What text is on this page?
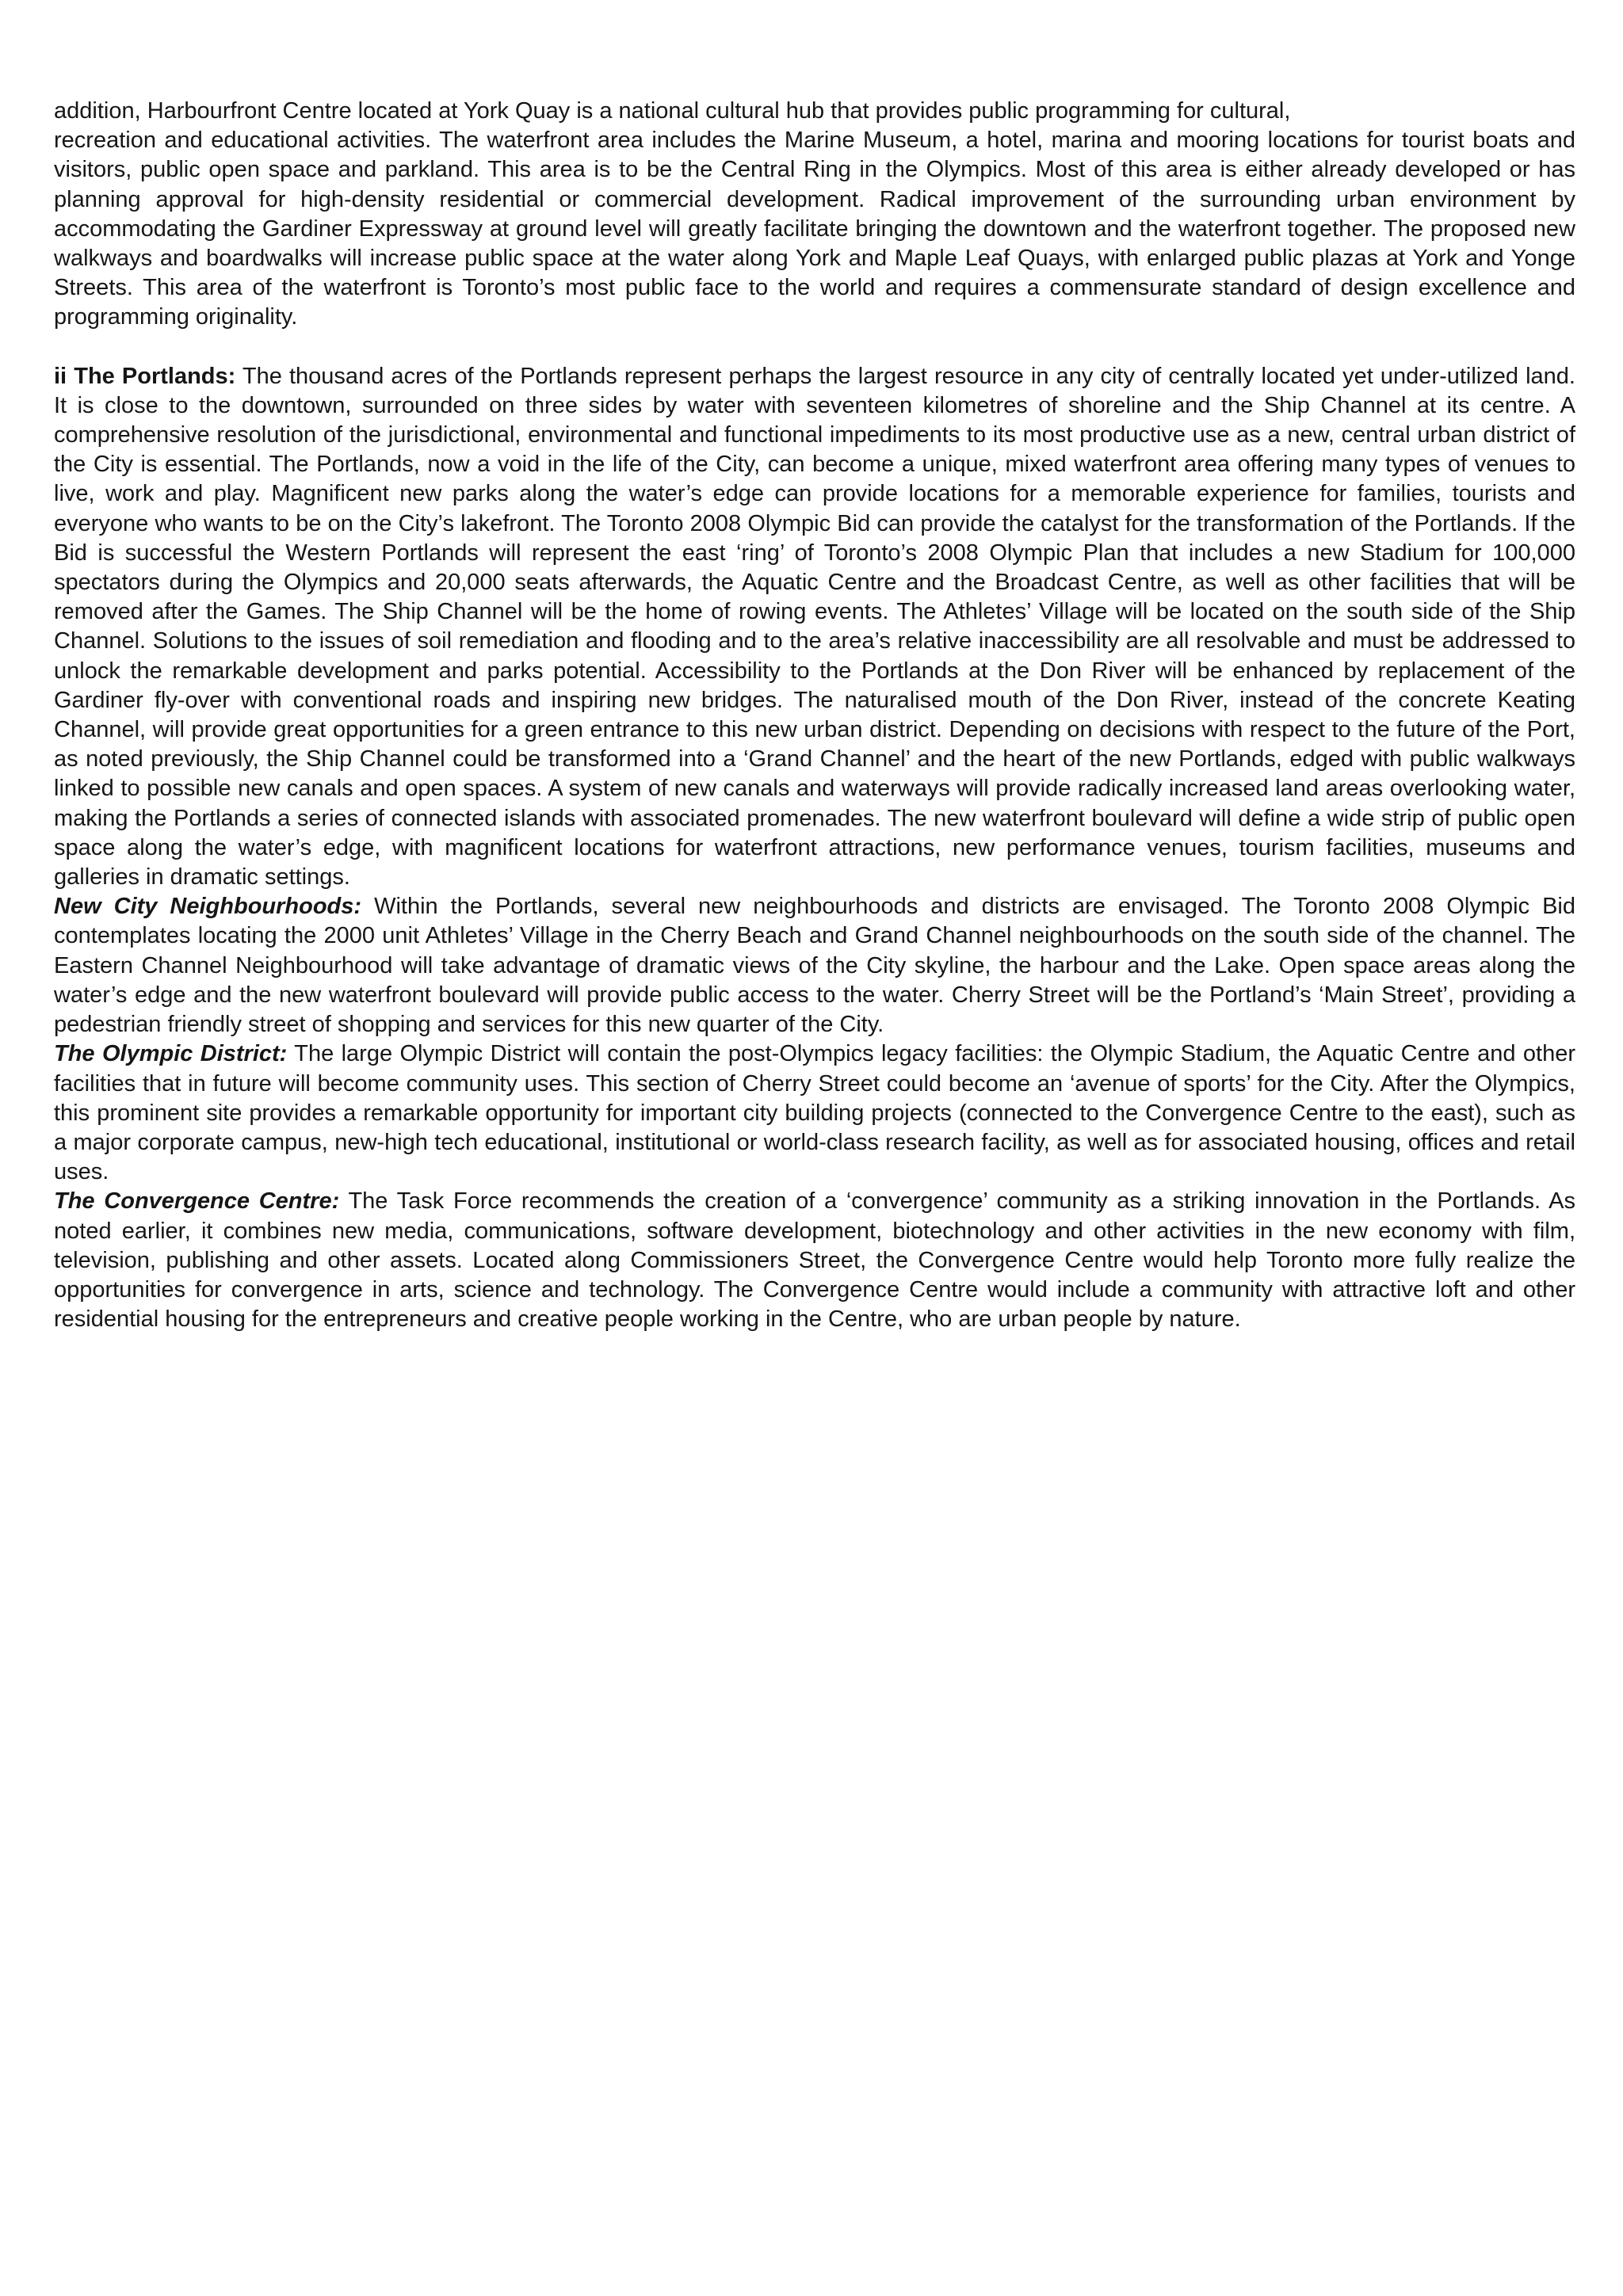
addition, Harbourfront Centre located at York Quay is a national cultural hub that provides public programming for cultural,

recreation and educational activities. The waterfront area includes the Marine Museum, a hotel, marina and mooring locations for tourist boats and visitors, public open space and parkland. This area is to be the Central Ring in the Olympics. Most of this area is either already developed or has planning approval for high-density residential or commercial development. Radical improvement of the surrounding urban environment by accommodating the Gardiner Expressway at ground level will greatly facilitate bringing the downtown and the waterfront together. The proposed new walkways and boardwalks will increase public space at the water along York and Maple Leaf Quays, with enlarged public plazas at York and Yonge Streets. This area of the waterfront is Toronto’s most public face to the world and requires a commensurate standard of design excellence and programming originality.

ii The Portlands: The thousand acres of the Portlands represent perhaps the largest resource in any city of centrally located yet under-utilized land. It is close to the downtown, surrounded on three sides by water with seventeen kilometres of shoreline and the Ship Channel at its centre. A comprehensive resolution of the jurisdictional, environmental and functional impediments to its most productive use as a new, central urban district of the City is essential. The Portlands, now a void in the life of the City, can become a unique, mixed waterfront area offering many types of venues to live, work and play. Magnificent new parks along the water’s edge can provide locations for a memorable experience for families, tourists and everyone who wants to be on the City’s lakefront. The Toronto 2008 Olympic Bid can provide the catalyst for the transformation of the Portlands. If the Bid is successful the Western Portlands will represent the east ‘ring’ of Toronto’s 2008 Olympic Plan that includes a new Stadium for 100,000 spectators during the Olympics and 20,000 seats afterwards, the Aquatic Centre and the Broadcast Centre, as well as other facilities that will be removed after the Games. The Ship Channel will be the home of rowing events. The Athletes’ Village will be located on the south side of the Ship Channel. Solutions to the issues of soil remediation and flooding and to the area’s relative inaccessibility are all resolvable and must be addressed to unlock the remarkable development and parks potential. Accessibility to the Portlands at the Don River will be enhanced by replacement of the Gardiner fly-over with conventional roads and inspiring new bridges. The naturalised mouth of the Don River, instead of the concrete Keating Channel, will provide great opportunities for a green entrance to this new urban district. Depending on decisions with respect to the future of the Port, as noted previously, the Ship Channel could be transformed into a ‘Grand Channel’ and the heart of the new Portlands, edged with public walkways linked to possible new canals and open spaces. A system of new canals and waterways will provide radically increased land areas overlooking water, making the Portlands a series of connected islands with associated promenades. The new waterfront boulevard will define a wide strip of public open space along the water’s edge, with magnificent locations for waterfront attractions, new performance venues, tourism facilities, museums and galleries in dramatic settings.

New City Neighbourhoods: Within the Portlands, several new neighbourhoods and districts are envisaged. The Toronto 2008 Olympic Bid contemplates locating the 2000 unit Athletes’ Village in the Cherry Beach and Grand Channel neighbourhoods on the south side of the channel. The Eastern Channel Neighbourhood will take advantage of dramatic views of the City skyline, the harbour and the Lake. Open space areas along the water’s edge and the new waterfront boulevard will provide public access to the water. Cherry Street will be the Portland’s ‘Main Street’, providing a pedestrian friendly street of shopping and services for this new quarter of the City.

The Olympic District: The large Olympic District will contain the post-Olympics legacy facilities: the Olympic Stadium, the Aquatic Centre and other facilities that in future will become community uses. This section of Cherry Street could become an ‘avenue of sports’ for the City. After the Olympics, this prominent site provides a remarkable opportunity for important city building projects (connected to the Convergence Centre to the east), such as a major corporate campus, new-high tech educational, institutional or world-class research facility, as well as for associated housing, offices and retail uses.

The Convergence Centre: The Task Force recommends the creation of a ‘convergence’ community as a striking innovation in the Portlands. As noted earlier, it combines new media, communications, software development, biotechnology and other activities in the new economy with film, television, publishing and other assets. Located along Commissioners Street, the Convergence Centre would help Toronto more fully realize the opportunities for convergence in arts, science and technology. The Convergence Centre would include a community with attractive loft and other residential housing for the entrepreneurs and creative people working in the Centre, who are urban people by nature.
